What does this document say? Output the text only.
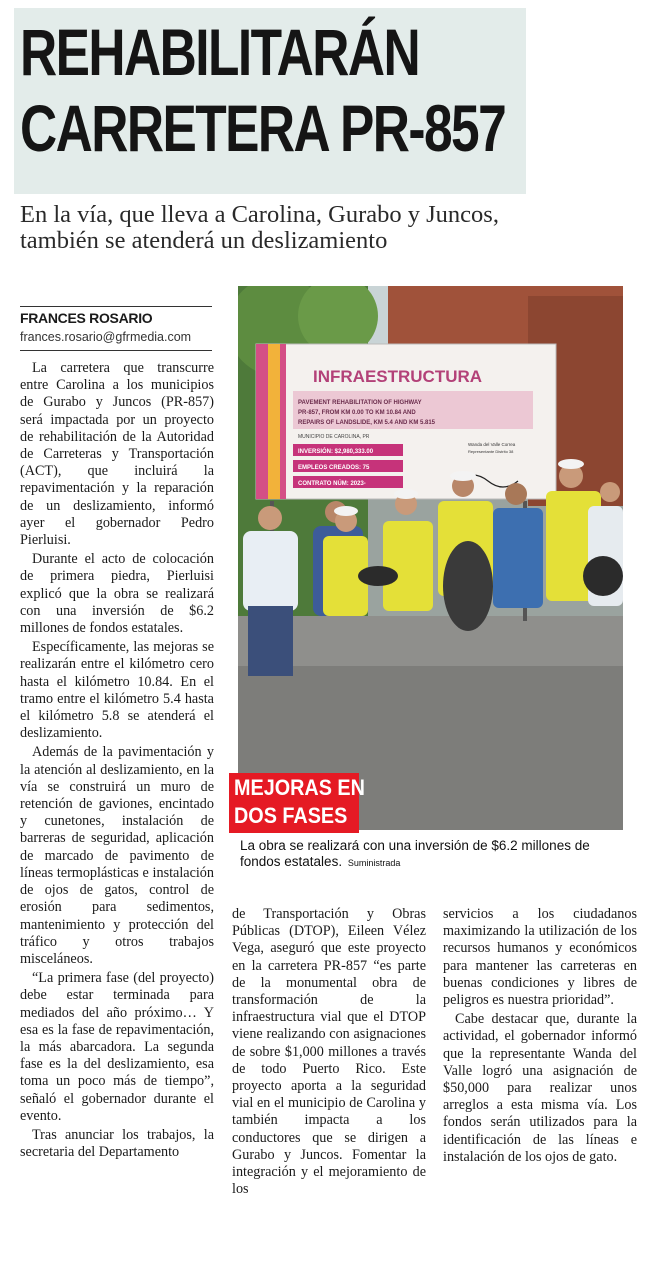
REHABILITARÁN
CARRETERA PR-857

En la vía, que lleva a Carolina, Gurabo y Juncos,
también se atenderá un deslizamiento

FRANCES ROSARIO
frances.rosario@gfrmedia.com

La carretera que transcurre entre Carolina a los municipios de Gurabo y Juncos (PR-857) será impactada por un proyecto de rehabilitación de la Autoridad de Carreteras y Transportación (ACT), que incluirá la repavimentación y la reparación de un deslizamiento, informó ayer el gobernador Pedro Pierluisi.

Durante el acto de colocación de primera piedra, Pierluisi explicó que la obra se realizará con una inversión de $6.2 millones de fondos estatales.

Específicamente, las mejoras se realizarán entre el kilómetro cero hasta el kilómetro 10.84. En el tramo entre el kilómetro 5.4 hasta el kilómetro 5.8 se atenderá el deslizamiento.

Además de la pavimentación y la atención al deslizamiento, en la vía se construirá un muro de retención de gaviones, encintado y cunetones, instalación de barreras de seguridad, aplicación de marcado de pavimento de líneas termoplásticas e instalación de ojos de gatos, control de erosión para sedimentos, mantenimiento y protección del tráfico y otros trabajos misceláneos.

“La primera fase (del proyecto) debe estar terminada para mediados del año próximo… Y esa es la fase de repavimentación, la más abarcadora. La segunda fase es la del deslizamiento, esa toma un poco más de tiempo”, señaló el gobernador durante el evento.

Tras anunciar los trabajos, la secretaria del Departamento

INFRAESTRUCTURA
PAVEMENT REHABILITATION OF HIGHWAY
PR-857, FROM KM 0.00 TO KM 10.84 AND
REPAIRS OF LANDSLIDE, KM 5.4 AND KM 5.815
MUNICIPIO DE CAROLINA, PR
INVERSIÓN: $2,980,333.00
EMPLEOS CREADOS: 75
CONTRATO NÚM: 2023-
Wanda del Valle Correa
Representante Distrito 38
MEJORAS EN
DOS FASES
La obra se realizará con una inversión de $6.2 millones de fondos estatales. Suministrada

de Transportación y Obras Públicas (DTOP), Eileen Vélez Vega, aseguró que este proyecto en la carretera PR-857 “es parte de la monumental obra de transformación de la infraestructura vial que el DTOP viene realizando con asignaciones de sobre $1,000 millones a través de todo Puerto Rico. Este proyecto aporta a la seguridad vial en el municipio de Carolina y también impacta a los conductores que se dirigen a Gurabo y Juncos. Fomentar la integración y el mejoramiento de los

servicios a los ciudadanos maximizando la utilización de los recursos humanos y económicos para mantener las carreteras en buenas condiciones y libres de peligros es nuestra prioridad”.

Cabe destacar que, durante la actividad, el gobernador informó que la representante Wanda del Valle logró una asignación de $50,000 para realizar unos arreglos a esta misma vía. Los fondos serán utilizados para la identificación de las líneas e instalación de los ojos de gato.
